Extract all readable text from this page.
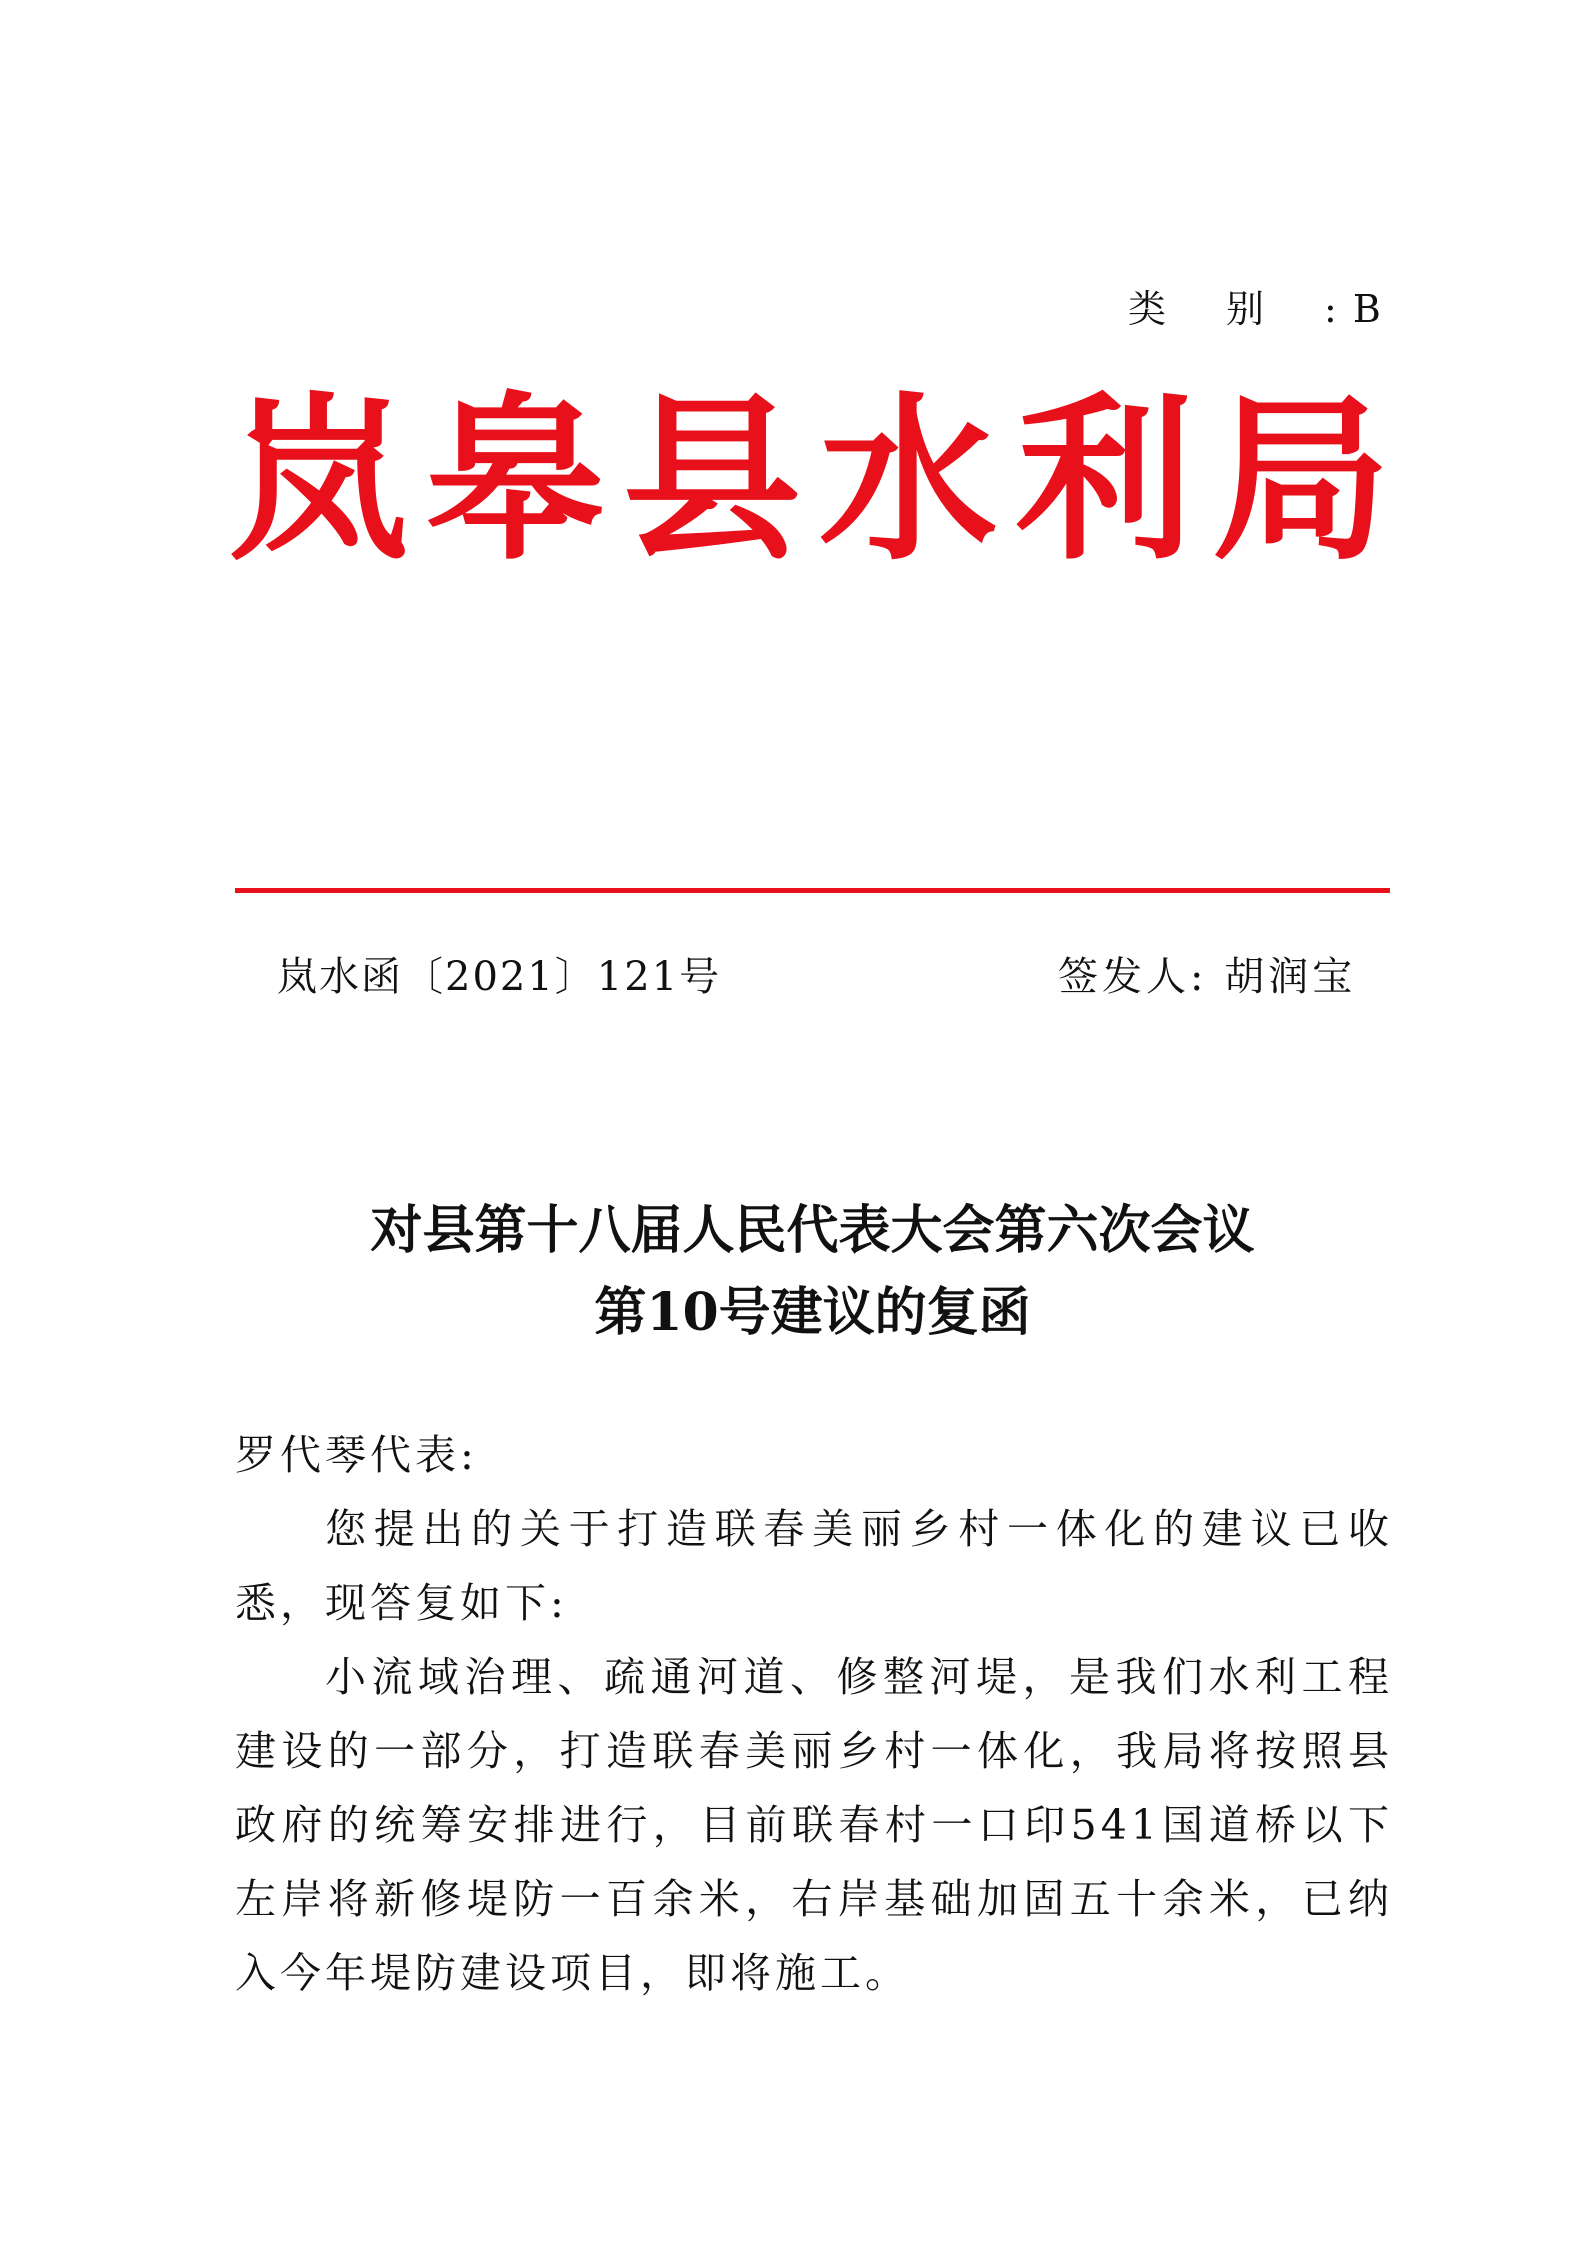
类别: B
岚 皋 县 水 利 局
岚水函〔2021〕121号	签发人: 胡润宝
对县第十八届人民代表大会第六次会议
第10号建议的复函

罗代琴代表:

您提出的关于打造联春美丽乡村一体化的建议已收悉，现答复如下:

小流域治理、疏通河道、修整河堤，是我们水利工程建设的一部分，打造联春美丽乡村一体化，我局将按照县政府的统筹安排进行，目前联春村一口印541国道桥以下左岸将新修堤防一百余米，右岸基础加固五十余米，已纳入今年堤防建设项目，即将施工。
